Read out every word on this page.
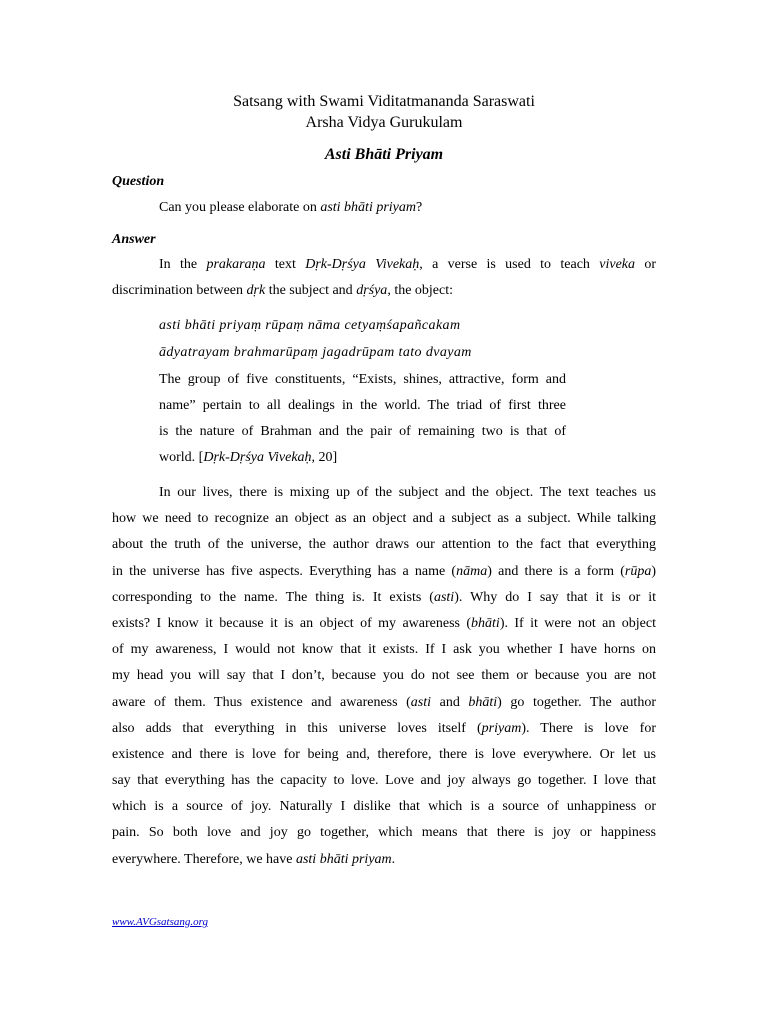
Satsang with Swami Viditatmananda Saraswati
Arsha Vidya Gurukulam
Asti Bhāti Priyam
Question
Can you please elaborate on asti bhāti priyam?
Answer
In the prakaraṇa text Dṛk-Dṛśya Vivekaḥ, a verse is used to teach viveka or
discrimination between dṛk the subject and dṛśya, the object:
asti bhāti priyaṃ rūpaṃ nāma cetyaṃśapañcakam
ādyatrayam brahmarūpaṃ jagadrūpam tato dvayam
The group of five constituents, “Exists, shines, attractive, form and
name” pertain to all dealings in the world. The triad of first three
is the nature of Brahman and the pair of remaining two is that of
world. [Dṛk-Dṛśya Vivekaḥ, 20]
In our lives, there is mixing up of the subject and the object. The text teaches us
how we need to recognize an object as an object and a subject as a subject. While talking
about the truth of the universe, the author draws our attention to the fact that everything
in the universe has five aspects. Everything has a name (nāma) and there is a form (rūpa)
corresponding to the name. The thing is. It exists (asti). Why do I say that it is or it
exists? I know it because it is an object of my awareness (bhāti). If it were not an object
of my awareness, I would not know that it exists. If I ask you whether I have horns on
my head you will say that I don’t, because you do not see them or because you are not
aware of them. Thus existence and awareness (asti and bhāti) go together. The author
also adds that everything in this universe loves itself (priyam). There is love for
existence and there is love for being and, therefore, there is love everywhere. Or let us
say that everything has the capacity to love. Love and joy always go together. I love that
which is a source of joy. Naturally I dislike that which is a source of unhappiness or
pain. So both love and joy go together, which means that there is joy or happiness
everywhere. Therefore, we have asti bhāti priyam.
www.AVGsatsang.org
